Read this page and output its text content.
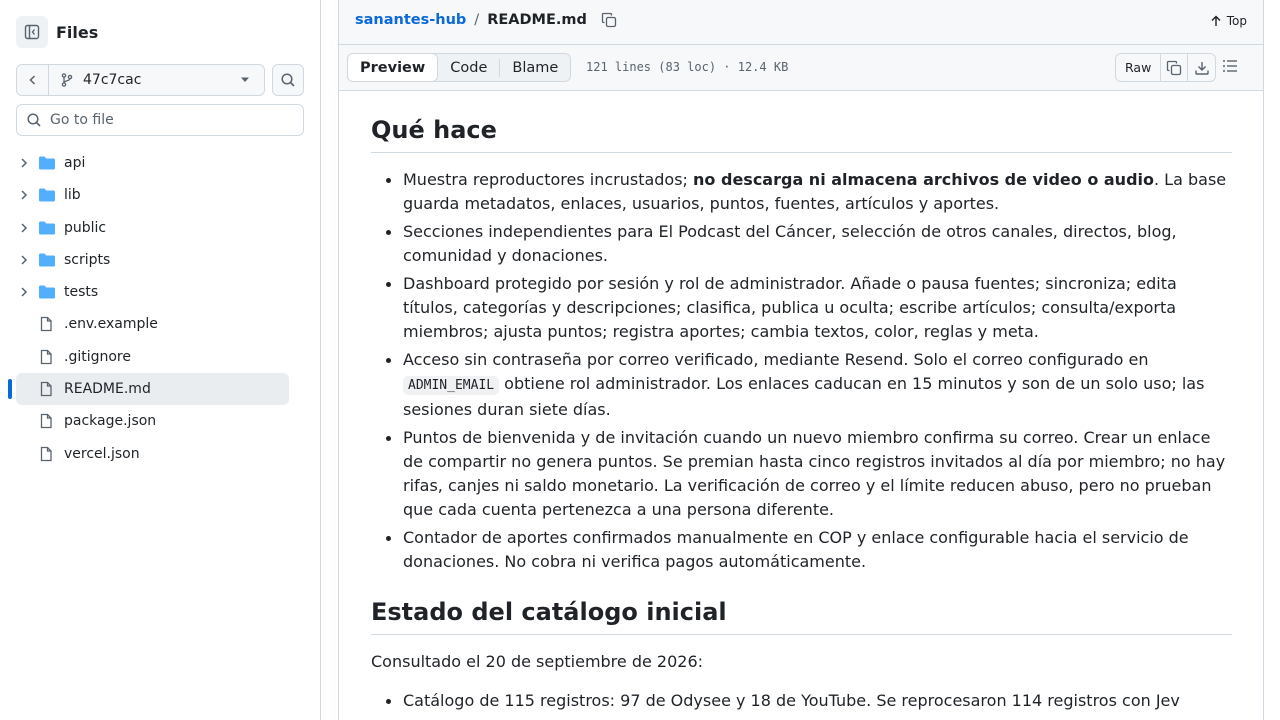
Files
47c7cac
Go to file
api
lib
public
scripts
tests
.env.example
.gitignore
README.md
package.json
vercel.json
sanantes-hub / README.md	Top
Preview	Code	Blame	121 lines (83 loc) · 12.4 KB	Raw
Qué hace
Muestra reproductores incrustados; no descarga ni almacena archivos de video o audio. La base guarda metadatos, enlaces, usuarios, puntos, fuentes, artículos y aportes.
Secciones independientes para El Podcast del Cáncer, selección de otros canales, directos, blog, comunidad y donaciones.
Dashboard protegido por sesión y rol de administrador. Añade o pausa fuentes; sincroniza; edita títulos, categorías y descripciones; clasifica, publica u oculta; escribe artículos; consulta/exporta miembros; ajusta puntos; registra aportes; cambia textos, color, reglas y meta.
Acceso sin contraseña por correo verificado, mediante Resend. Solo el correo configurado en ADMIN_EMAIL obtiene rol administrador. Los enlaces caducan en 15 minutos y son de un solo uso; las sesiones duran siete días.
Puntos de bienvenida y de invitación cuando un nuevo miembro confirma su correo. Crear un enlace de compartir no genera puntos. Se premian hasta cinco registros invitados al día por miembro; no hay rifas, canjes ni saldo monetario. La verificación de correo y el límite reducen abuso, pero no prueban que cada cuenta pertenezca a una persona diferente.
Contador de aportes confirmados manualmente en COP y enlace configurable hacia el servicio de donaciones. No cobra ni verifica pagos automáticamente.
Estado del catálogo inicial

Consultado el 20 de septiembre de 2026:

Catálogo de 115 registros: 97 de Odysee y 18 de YouTube. Se reprocesaron 114 registros con Jev
